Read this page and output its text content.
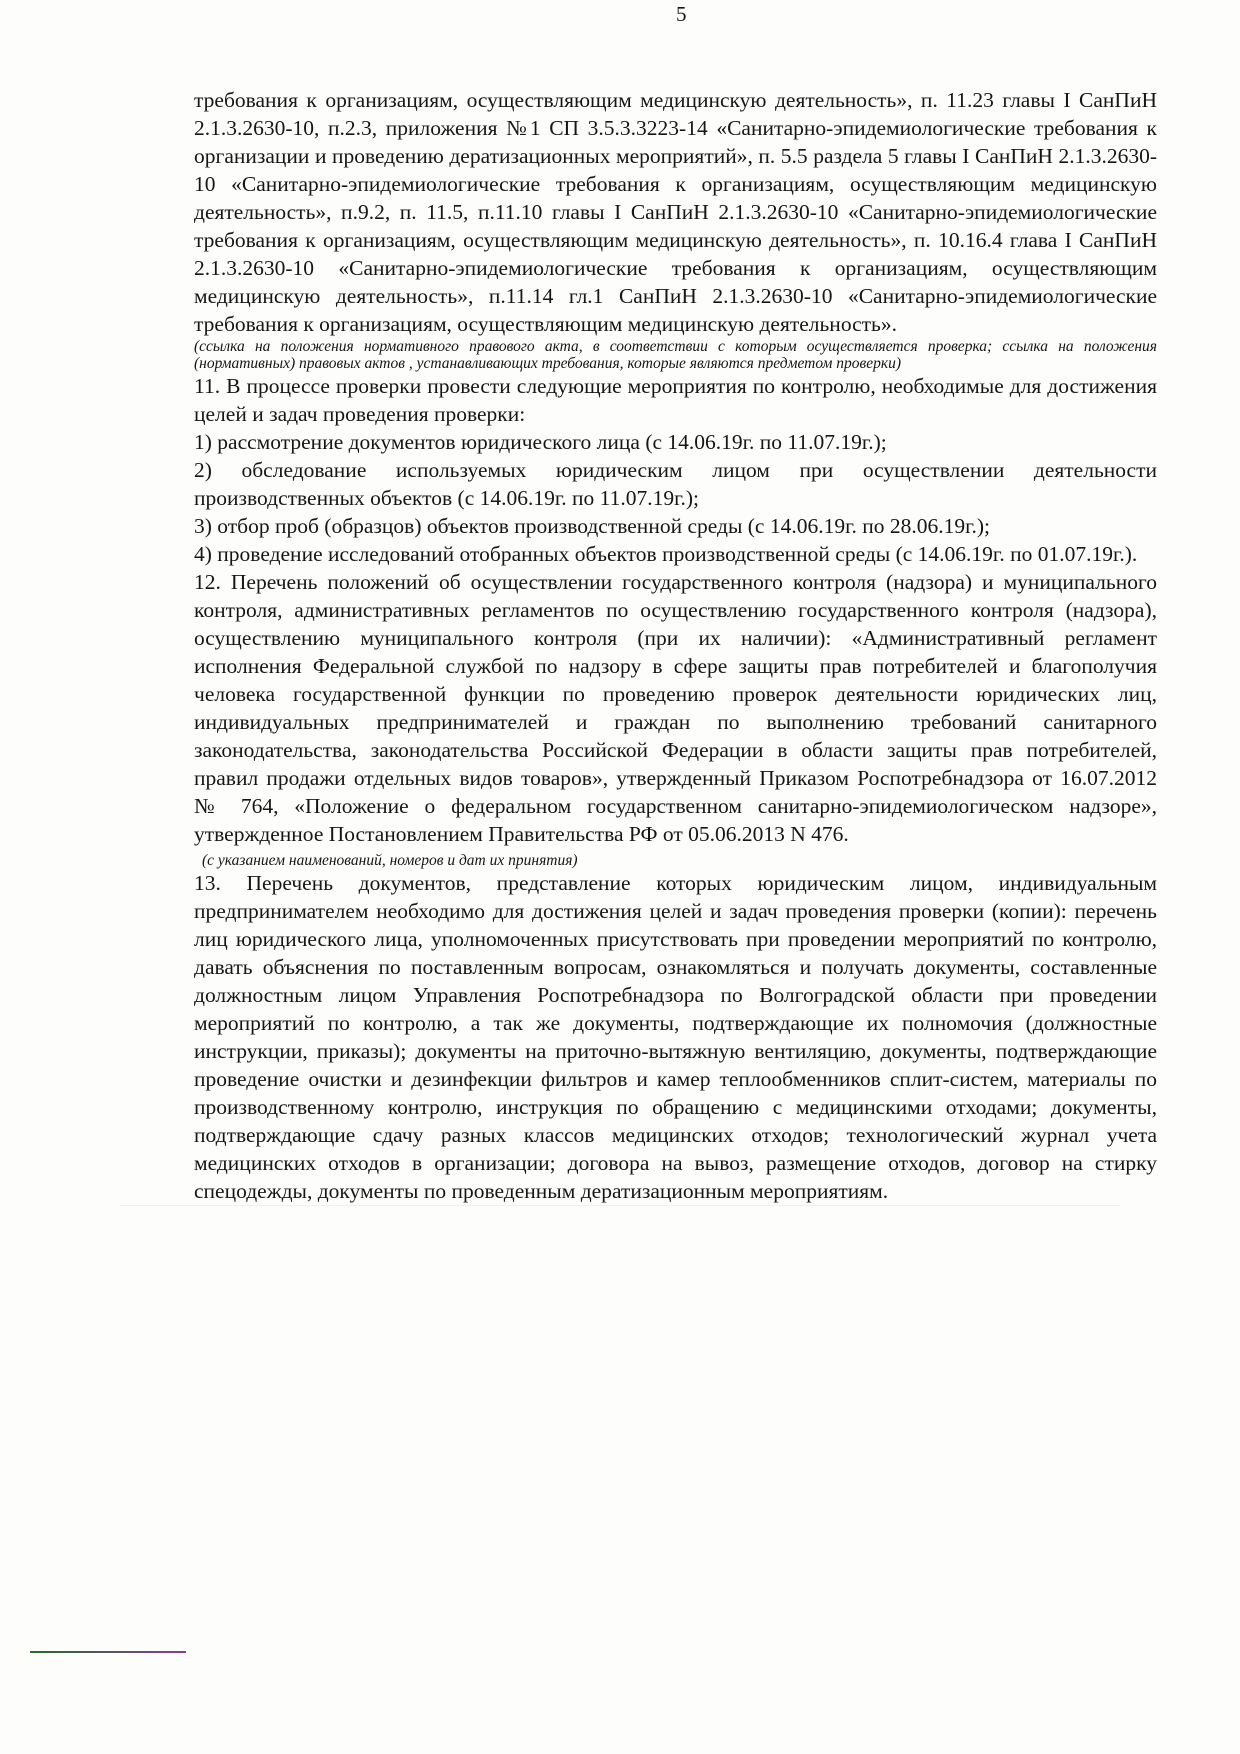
5

требования к организациям, осуществляющим медицинскую деятельность», п. 11.23 главы I СанПиН 2.1.3.2630-10, п.2.3, приложения №1 СП 3.5.3.3223-14 «Санитарно-эпидемиологические требования к организации и проведению дератизационных мероприятий», п. 5.5 раздела 5 главы I СанПиН 2.1.3.2630-10 «Санитарно-эпидемиологические требования к организациям, осуществляющим медицинскую деятельность», п.9.2, п. 11.5, п.11.10 главы I СанПиН 2.1.3.2630-10 «Санитарно-эпидемиологические требования к организациям, осуществляющим медицинскую деятельность», п. 10.16.4 глава I СанПиН 2.1.3.2630-10 «Санитарно-эпидемиологические требования к организациям, осуществляющим медицинскую деятельность», п.11.14 гл.1 СанПиН 2.1.3.2630-10 «Санитарно-эпидемиологические требования к организациям, осуществляющим медицинскую деятельность».

(ссылка на положения нормативного правового акта, в соответствии с которым осуществляется проверка; ссылка на положения (нормативных) правовых актов , устанавливающих требования, которые являются предметом проверки)

11. В процессе проверки провести следующие мероприятия по контролю, необходимые для достижения целей и задач проведения проверки:

1) рассмотрение документов юридического лица (с 14.06.19г. по 11.07.19г.);

2) обследование используемых юридическим лицом при осуществлении деятельности производственных объектов (с 14.06.19г. по 11.07.19г.);

3) отбор проб (образцов) объектов производственной среды (с 14.06.19г. по 28.06.19г.);

4) проведение исследований отобранных объектов производственной среды (с 14.06.19г. по 01.07.19г.).

12. Перечень положений об осуществлении государственного контроля (надзора) и муниципального контроля, административных регламентов по осуществлению государственного контроля (надзора), осуществлению муниципального контроля (при их наличии): «Административный регламент исполнения Федеральной службой по надзору в сфере защиты прав потребителей и благополучия человека государственной функции по проведению проверок деятельности юридических лиц, индивидуальных предпринимателей и граждан по выполнению требований санитарного законодательства, законодательства Российской Федерации в области защиты прав потребителей, правил продажи отдельных видов товаров», утвержденный Приказом Роспотребнадзора от 16.07.2012 № 764, «Положение о федеральном государственном санитарно-эпидемиологическом надзоре», утвержденное Постановлением Правительства РФ от 05.06.2013 N 476.

(с указанием наименований, номеров и дат их принятия)

13. Перечень документов, представление которых юридическим лицом, индивидуальным предпринимателем необходимо для достижения целей и задач проведения проверки (копии): перечень лиц юридического лица, уполномоченных присутствовать при проведении мероприятий по контролю, давать объяснения по поставленным вопросам, ознакомляться и получать документы, составленные должностным лицом Управления Роспотребнадзора по Волгоградской области при проведении мероприятий по контролю, а так же документы, подтверждающие их полномочия (должностные инструкции, приказы); документы на приточно-вытяжную вентиляцию, документы, подтверждающие проведение очистки и дезинфекции фильтров и камер теплообменников сплит-систем, материалы по производственному контролю, инструкция по обращению с медицинскими отходами; документы, подтверждающие сдачу разных классов медицинских отходов; технологический журнал учета медицинских отходов в организации; договора на вывоз, размещение отходов, договор на стирку спецодежды, документы по проведенным дератизационным мероприятиям.
